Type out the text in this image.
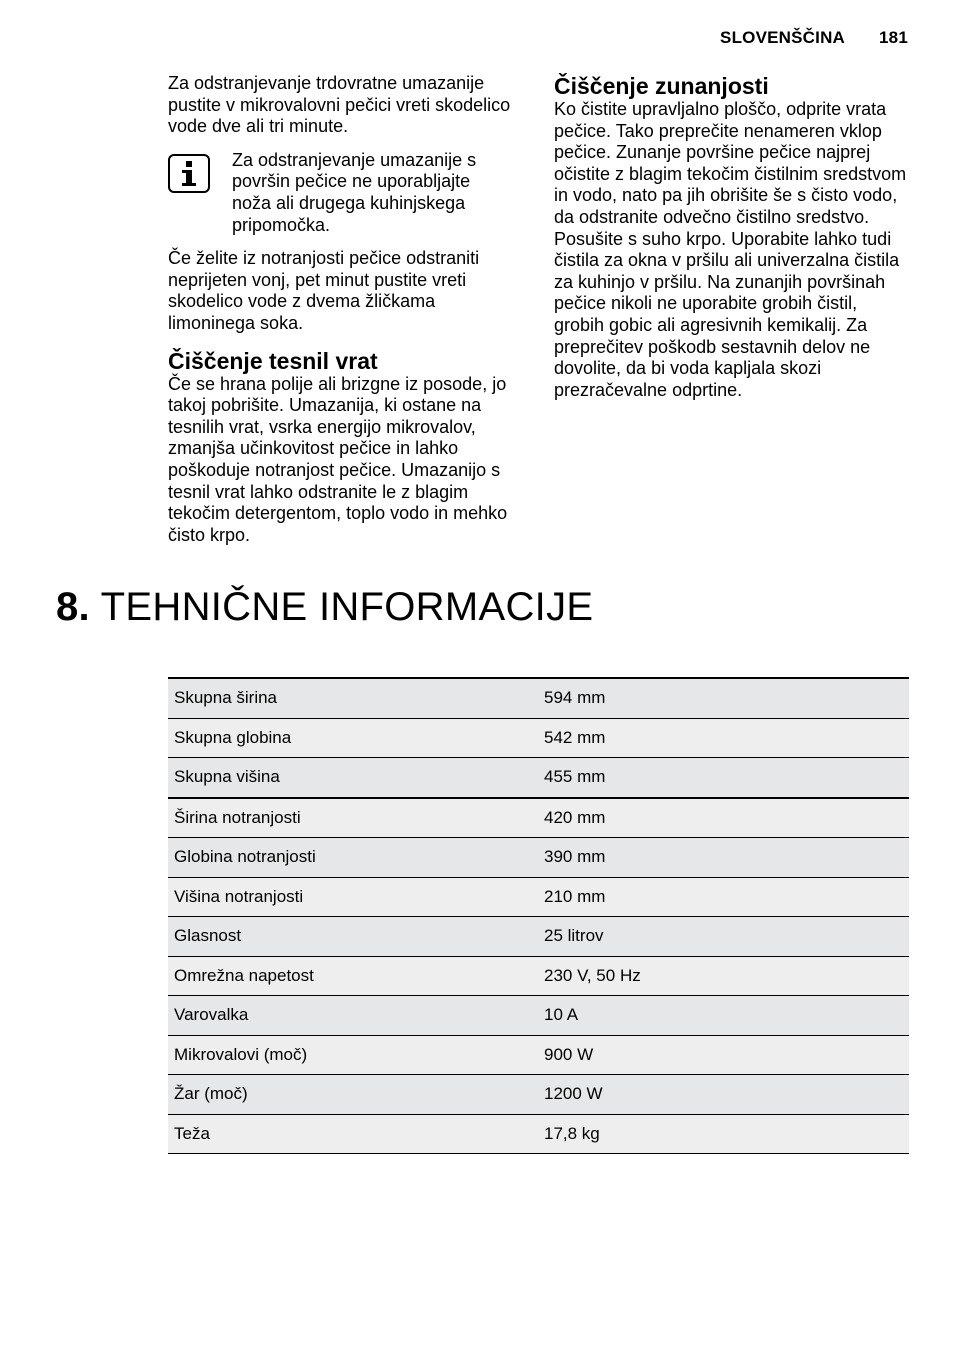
SLOVENŠČINA 181

Za odstranjevanje trdovratne umazanije pustite v mikrovalovni pečici vreti skodelico vode dve ali tri minute.

Za odstranjevanje umazanije s površin pečice ne uporabljajte noža ali drugega kuhinjskega pripomočka.

Če želite iz notranjosti pečice odstraniti neprijeten vonj, pet minut pustite vreti skodelico vode z dvema žličkama limoninega soka.

Čiščenje tesnil vrat

Če se hrana polije ali brizgne iz posode, jo takoj pobrišite. Umazanija, ki ostane na tesnilih vrat, vsrka energijo mikrovalov, zmanjša učinkovitost pečice in lahko poškoduje notranjost pečice. Umazanijo s tesnil vrat lahko odstranite le z blagim tekočim detergentom, toplo vodo in mehko čisto krpo.

Čiščenje zunanjosti

Ko čistite upravljalno ploščo, odprite vrata pečice. Tako preprečite nenameren vklop pečice. Zunanje površine pečice najprej očistite z blagim tekočim čistilnim sredstvom in vodo, nato pa jih obrišite še s čisto vodo, da odstranite odvečno čistilno sredstvo. Posušite s suho krpo. Uporabite lahko tudi čistila za okna v pršilu ali univerzalna čistila za kuhinjo v pršilu. Na zunanjih površinah pečice nikoli ne uporabite grobih čistil, grobih gobic ali agresivnih kemikalij. Za preprečitev poškodb sestavnih delov ne dovolite, da bi voda kapljala skozi prezračevalne odprtine.

8. TEHNIČNE INFORMACIJE
Skupna širina	594 mm
Skupna globina	542 mm
Skupna višina	455 mm
Širina notranjosti	420 mm
Globina notranjosti	390 mm
Višina notranjosti	210 mm
Glasnost	25 litrov
Omrežna napetost	230 V, 50 Hz
Varovalka	10 A
Mikrovalovi (moč)	900 W
Žar (moč)	1200 W
Teža	17,8 kg
